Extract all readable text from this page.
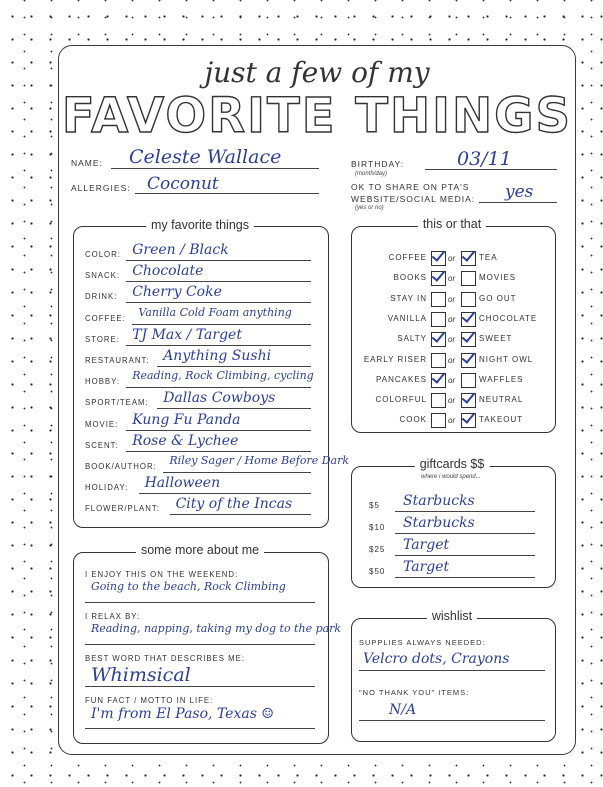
just a few of my
FAVORITE THINGS
NAME: Celeste Wallace
ALLERGIES: Coconut
BIRTHDAY:
(month/day)
03/11
OK TO SHARE ON PTA'S
WEBSITE/SOCIAL MEDIA:
(yes or no)
yes
my favorite things	this or that
giftcards $$
where i would spend...
some more about me
wishlist
SUPPLIES ALWAYS NEEDED:
Velcro dots, Crayons
"NO THANK YOU" ITEMS:
N/A
COLOR: Green / Black
SNACK: Chocolate
DRINK: Cherry Coke
COFFEE: Vanilla Cold Foam anything
STORE: TJ Max / Target
RESTAURANT: Anything Sushi
HOBBY: Reading, Rock Climbing, cycling
SPORT/TEAM: Dallas Cowboys
MOVIE: Kung Fu Panda
SCENT: Rose & Lychee
BOOK/AUTHOR: Riley Sager / Home Before Dark
HOLIDAY: Halloween
FLOWER/PLANT: City of the Incas
COFFEE	or	TEA
BOOKS	or	MOVIES
STAY IN	or	GO OUT
VANILLA	or	CHOCOLATE
SALTY	or	SWEET
EARLY RISER	or	NIGHT OWL
PANCAKES	or	WAFFLES
COLORFUL	or	NEUTRAL
COOK	or	TAKEOUT
$5 Starbucks
$10 Starbucks
$25 Target
$50 Target
I ENJOY THIS ON THE WEEKEND:
Going to the beach, Rock Climbing
I RELAX BY:
Reading, napping, taking my dog to the park
BEST WORD THAT DESCRIBES ME:
Whimsical
FUN FACT / MOTTO IN LIFE:
I'm from El Paso, Texas ☺
